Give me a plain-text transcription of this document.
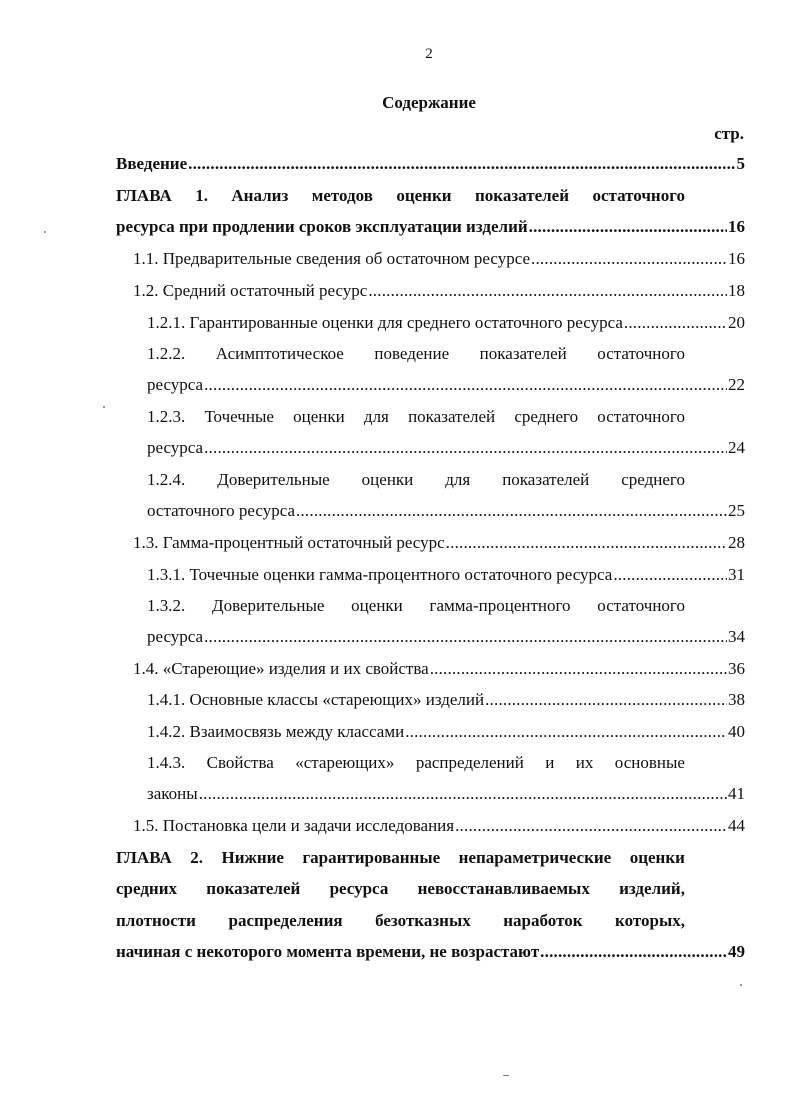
2
Содержание
стр.
Введение .....	5
ГЛАВА 1. Анализ методов оценки показателей остаточного
ресурса при продлении сроков эксплуатации изделий .....	16
1.1. Предварительные сведения об остаточном ресурсе .....	16
1.2. Средний остаточный ресурс .....	18
1.2.1. Гарантированные оценки для среднего остаточного ресурса .....	20
1.2.2. Асимптотическое поведение показателей остаточного
ресурса .....	22
1.2.3. Точечные оценки для показателей среднего остаточного
ресурса .....	24
1.2.4. Доверительные оценки для показателей среднего
остаточного ресурса .....	25
1.3. Гамма-процентный остаточный ресурс .....	28
1.3.1. Точечные оценки гамма-процентного остаточного ресурса .....	31
1.3.2. Доверительные оценки гамма-процентного остаточного
ресурса .....	34
1.4. «Стареющие» изделия и их свойства .....	36
1.4.1. Основные классы «стареющих» изделий .....	38
1.4.2. Взаимосвязь между классами .....	40
1.4.3. Свойства «стареющих» распределений и их основные
законы .....	41
1.5. Постановка цели и задачи исследования .....	44
ГЛАВА 2. Нижние гарантированные непараметрические оценки
средних показателей ресурса невосстанавливаемых изделий,
плотности распределения безотказных наработок которых,
начиная с некоторого момента времени, не возрастают .....	49
